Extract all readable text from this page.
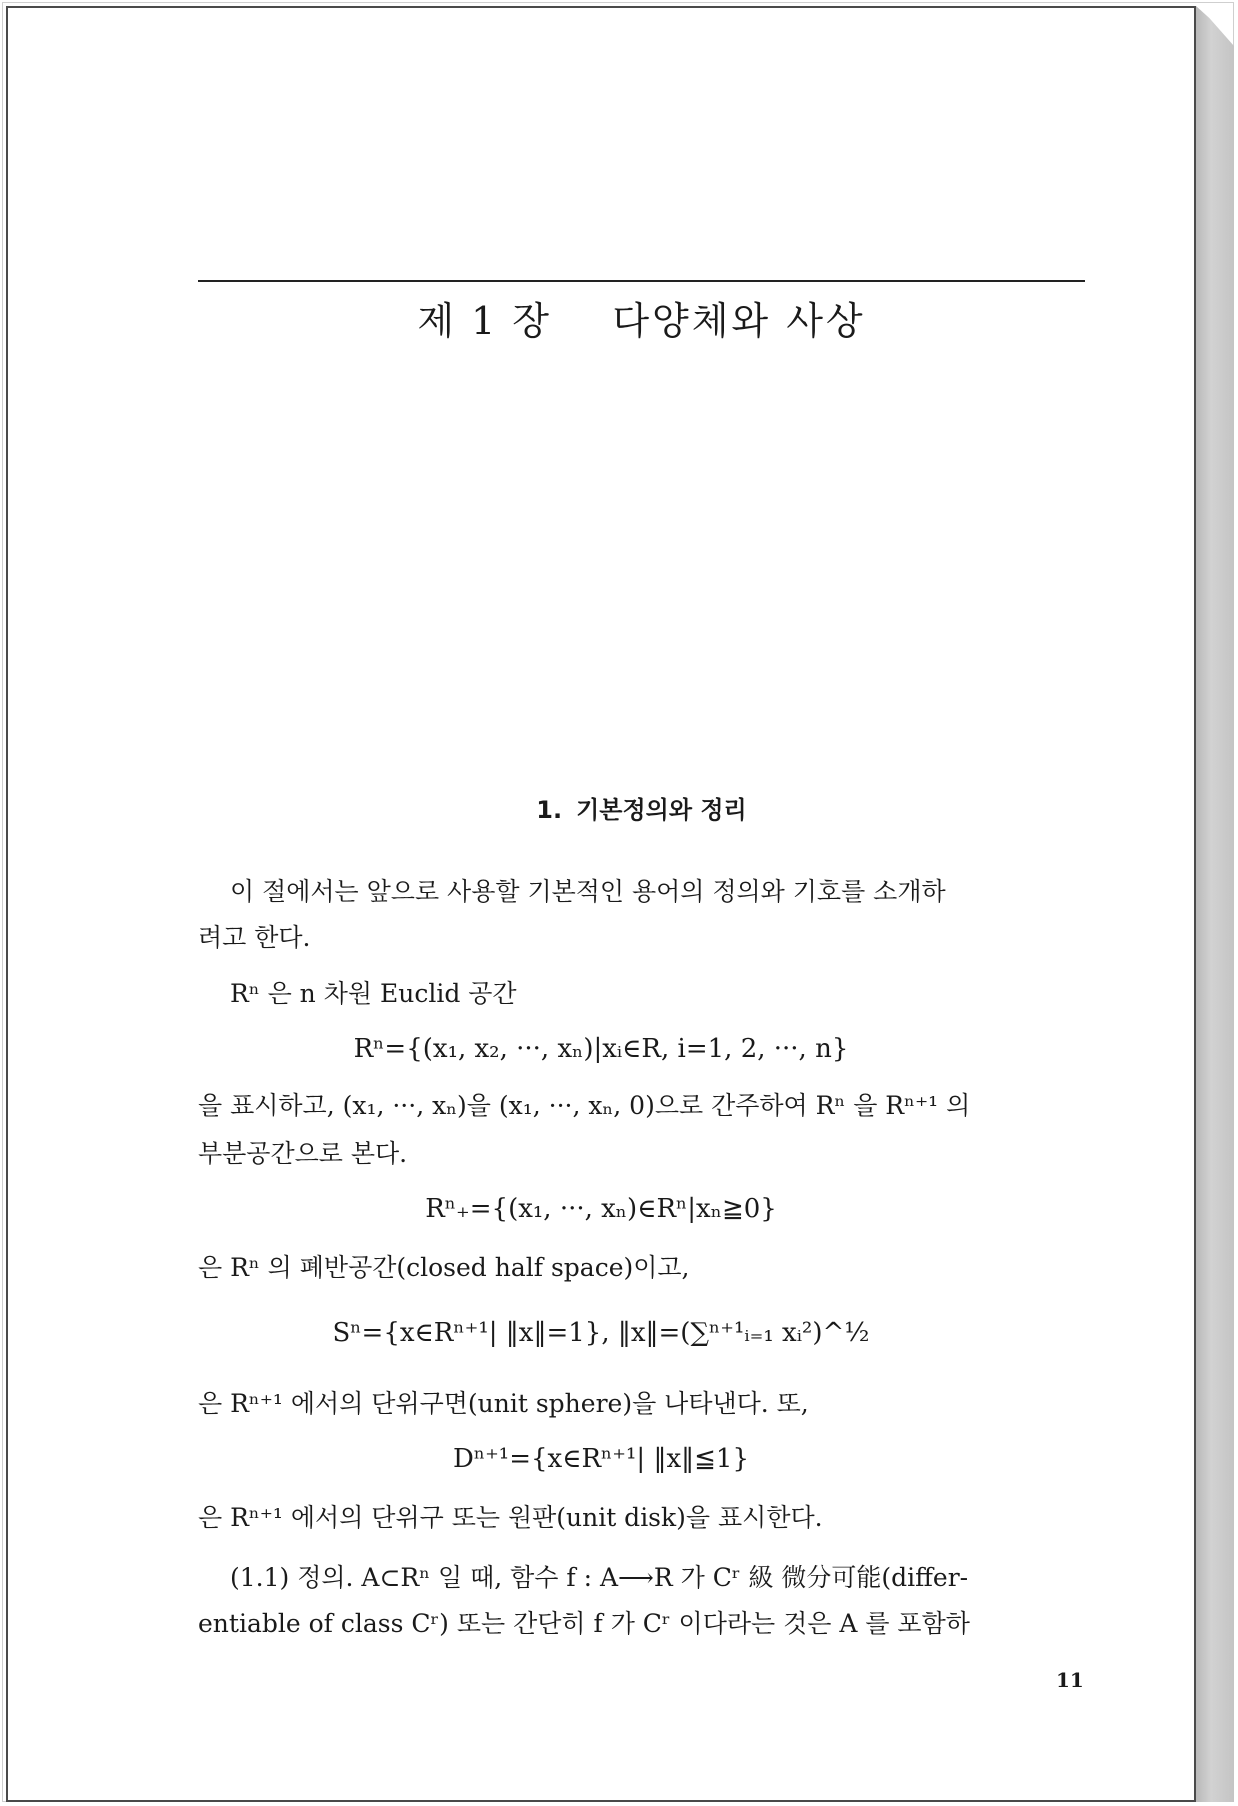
제 1 장 다양체와 사상
1. 기본정의와 정리
이 절에서는 앞으로 사용할 기본적인 용어의 정의와 기호를 소개하
려고 한다.
Rⁿ 은 n 차원 Euclid 공간
Rⁿ={(x₁, x₂, ···, xₙ)|xᵢ∈R, i=1, 2, ···, n}
을 표시하고, (x₁, ···, xₙ)을 (x₁, ···, xₙ, 0)으로 간주하여 Rⁿ 을 Rⁿ⁺¹ 의
부분공간으로 본다.
Rⁿ₊={(x₁, ···, xₙ)∈Rⁿ|xₙ≧0}
은 Rⁿ 의 폐반공간(closed half space)이고,
Sⁿ={x∈Rⁿ⁺¹| ‖x‖=1}, ‖x‖=(∑ⁿ⁺¹ᵢ₌₁ xᵢ²)^½
은 Rⁿ⁺¹ 에서의 단위구면(unit sphere)을 나타낸다. 또,
Dⁿ⁺¹={x∈Rⁿ⁺¹| ‖x‖≦1}
은 Rⁿ⁺¹ 에서의 단위구 또는 원판(unit disk)을 표시한다.
(1.1) 정의. A⊂Rⁿ 일 때, 함수 f : A⟶R 가 Cʳ 級 微分可能(differ-
entiable of class Cʳ) 또는 간단히 f 가 Cʳ 이다라는 것은 A 를 포함하
11
